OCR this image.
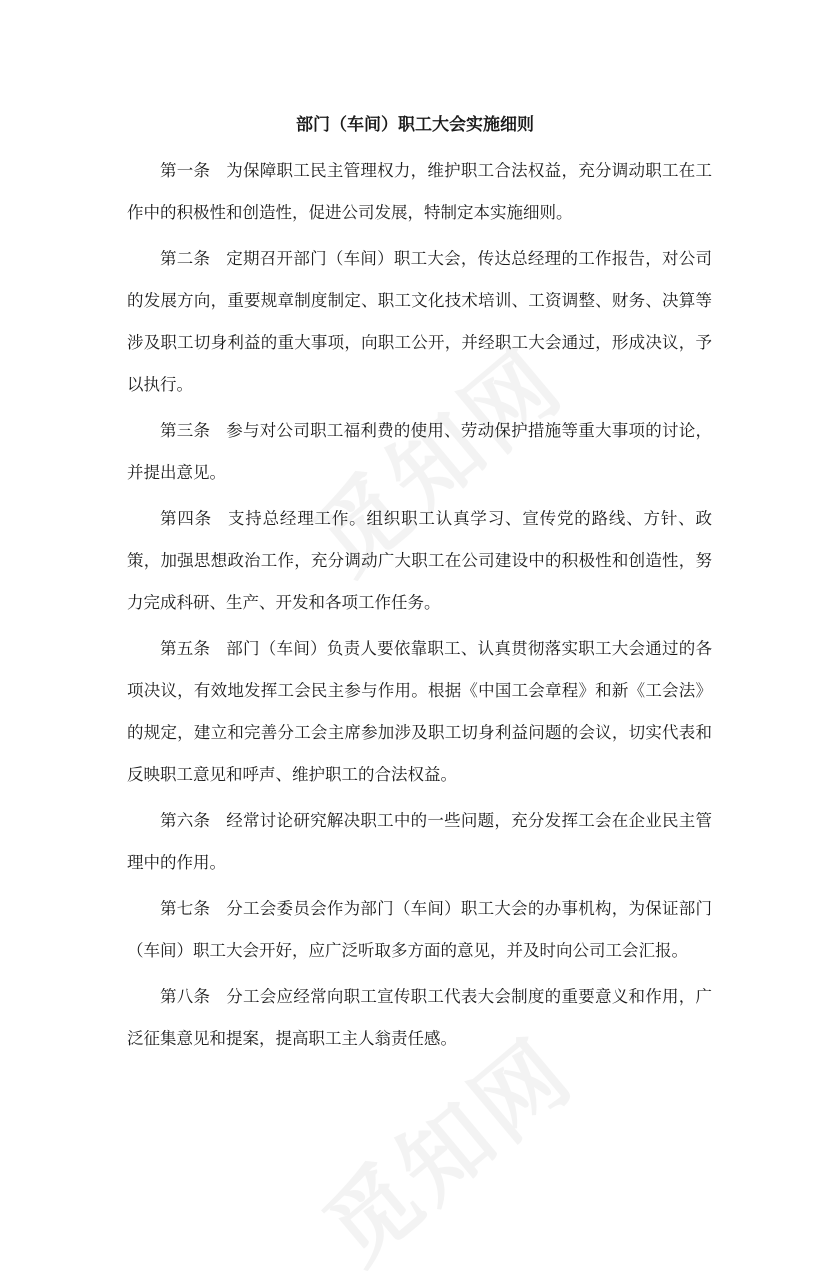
部门（车间）职工大会实施细则

第一条 为保障职工民主管理权力，维护职工合法权益，充分调动职工在工作中的积极性和创造性，促进公司发展，特制定本实施细则。

第二条 定期召开部门（车间）职工大会，传达总经理的工作报告，对公司的发展方向，重要规章制度制定、职工文化技术培训、工资调整、财务、决算等涉及职工切身利益的重大事项，向职工公开，并经职工大会通过，形成决议，予以执行。

第三条 参与对公司职工福利费的使用、劳动保护措施等重大事项的讨论，并提出意见。

第四条 支持总经理工作。组织职工认真学习、宣传党的路线、方针、政策，加强思想政治工作，充分调动广大职工在公司建设中的积极性和创造性，努力完成科研、生产、开发和各项工作任务。

第五条 部门（车间）负责人要依靠职工、认真贯彻落实职工大会通过的各项决议，有效地发挥工会民主参与作用。根据《中国工会章程》和新《工会法》的规定，建立和完善分工会主席参加涉及职工切身利益问题的会议，切实代表和反映职工意见和呼声、维护职工的合法权益。

第六条 经常讨论研究解决职工中的一些问题，充分发挥工会在企业民主管理中的作用。

第七条 分工会委员会作为部门（车间）职工大会的办事机构，为保证部门（车间）职工大会开好，应广泛听取多方面的意见，并及时向公司工会汇报。

第八条 分工会应经常向职工宣传职工代表大会制度的重要意义和作用，广泛征集意见和提案，提高职工主人翁责任感。
